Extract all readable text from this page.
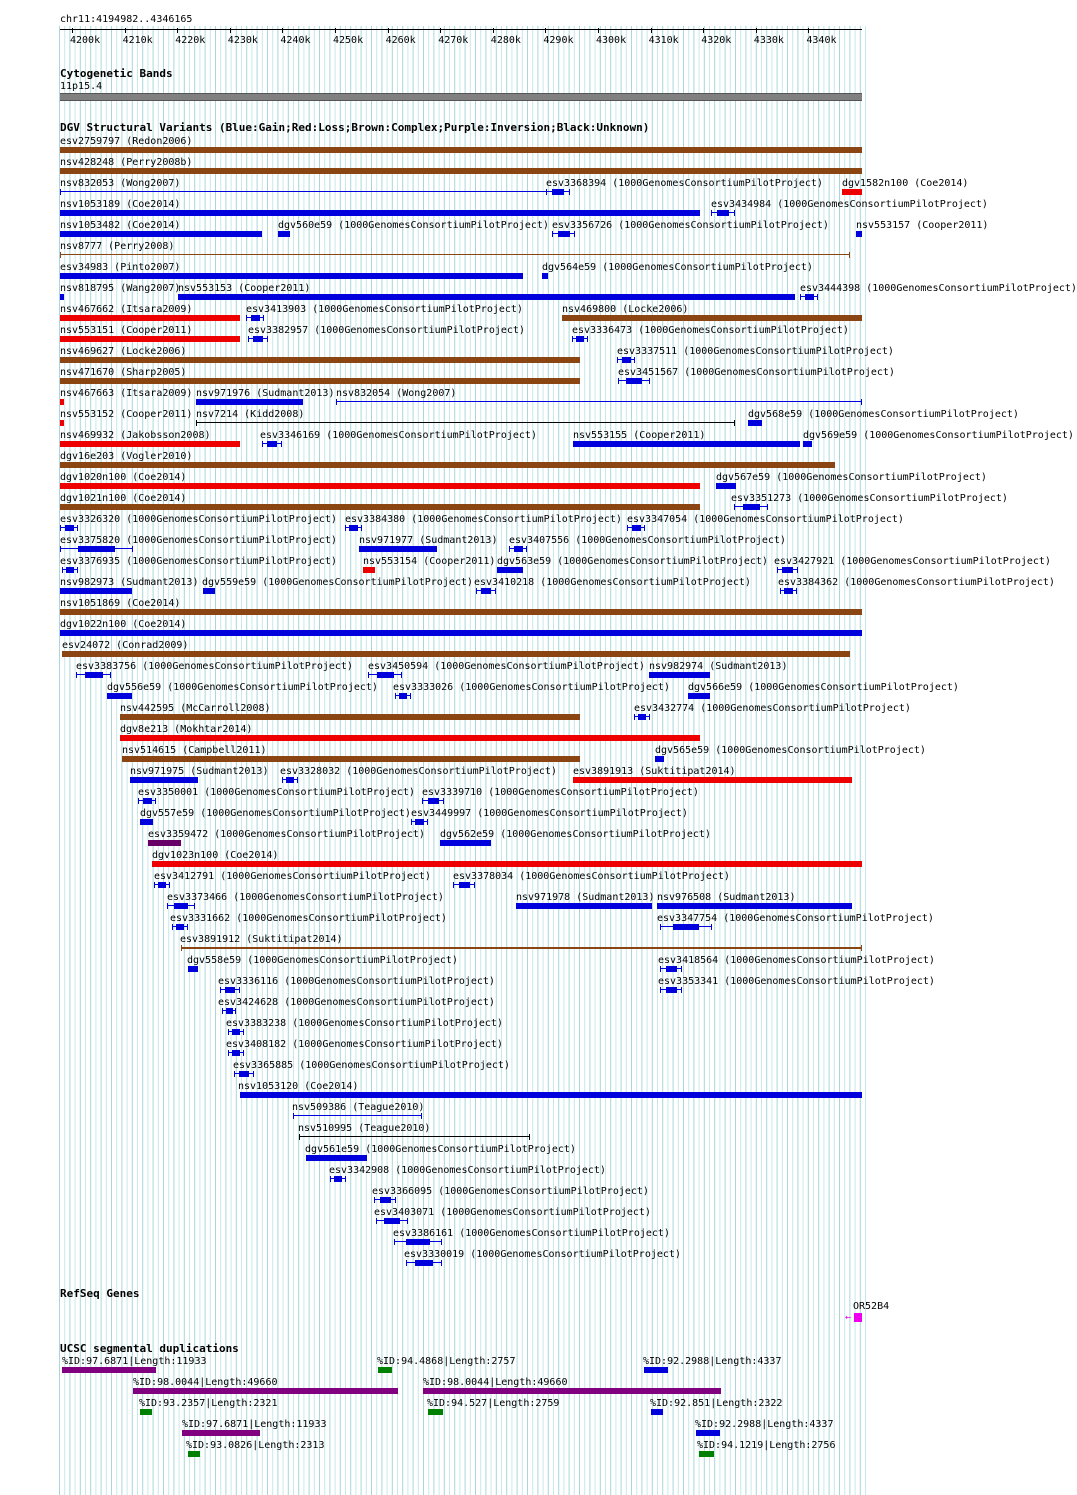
chr11:4194982..4346165
4200k 4210k 4220k 4230k 4240k 4250k 4260k 4270k 4280k 4290k 4300k 4310k 4320k 4330k 4340k
Cytogenetic Bands
11p15.4
DGV Structural Variants (Blue:Gain;Red:Loss;Brown:Complex;Purple:Inversion;Black:Unknown)
esv2759797 (Redon2006)
nsv428248 (Perry2008b)
nsv832053 (Wong2007)	esv3368394 (1000GenomesConsortiumPilotProject) dgv1582n100 (Coe2014)
nsv1053189 (Coe2014)	esv3434984 (1000GenomesConsortiumPilotProject)
nsv1053482 (Coe2014)	dgv560e59 (1000GenomesConsortiumPilotProject) esv3356726 (1000GenomesConsortiumPilotProject)	nsv553157 (Cooper2011)
nsv8777 (Perry2008)
esv34983 (Pinto2007)	dgv564e59 (1000GenomesConsortiumPilotProject)
nsv818795 (Wang2007)
nsv553153 (Cooper2011)	esv3444398 (1000GenomesConsortiumPilotProject)
nsv467662 (Itsara2009)	esv3413903 (1000GenomesConsortiumPilotProject)	nsv469800 (Locke2006)
nsv553151 (Cooper2011)	esv3382957 (1000GenomesConsortiumPilotProject)	esv3336473 (1000GenomesConsortiumPilotProject)
nsv469627 (Locke2006)	esv3337511 (1000GenomesConsortiumPilotProject)
nsv471670 (Sharp2005)	esv3451567 (1000GenomesConsortiumPilotProject)
nsv467663 (Itsara2009) nsv971976 (Sudmant2013) nsv832054 (Wong2007)
nsv553152 (Cooper2011) nsv7214 (Kidd2008)	dgv568e59 (1000GenomesConsortiumPilotProject)
nsv469932 (Jakobsson2008)	esv3346169 (1000GenomesConsortiumPilotProject)	nsv553155 (Cooper2011)	dgv569e59 (1000GenomesConsortiumPilotProject)
dgv16e203 (Vogler2010)
dgv1020n100 (Coe2014)	dgv567e59 (1000GenomesConsortiumPilotProject)
dgv1021n100 (Coe2014)	esv3351273 (1000GenomesConsortiumPilotProject)
esv3326320 (1000GenomesConsortiumPilotProject) esv3384380 (1000GenomesConsortiumPilotProject) esv3347054 (1000GenomesConsortiumPilotProject)
esv3375820 (1000GenomesConsortiumPilotProject) nsv971977 (Sudmant2013) esv3407556 (1000GenomesConsortiumPilotProject)
esv3376935 (1000GenomesConsortiumPilotProject)	nsv553154 (Cooper2011) dgv563e59 (1000GenomesConsortiumPilotProject) esv3427921 (1000GenomesConsortiumPilotProject)
nsv982973 (Sudmant2013) dgv559e59 (1000GenomesConsortiumPilotProject) esv3410218 (1000GenomesConsortiumPilotProject)	esv3384362 (1000GenomesConsortiumPilotProject)
nsv1051869 (Coe2014)
dgv1022n100 (Coe2014)
esv24072 (Conrad2009)
esv3383756 (1000GenomesConsortiumPilotProject) esv3450594 (1000GenomesConsortiumPilotProject) nsv982974 (Sudmant2013)
dgv556e59 (1000GenomesConsortiumPilotProject) esv3333026 (1000GenomesConsortiumPilotProject) dgv566e59 (1000GenomesConsortiumPilotProject)
nsv442595 (McCarroll2008)	esv3432774 (1000GenomesConsortiumPilotProject)
dgv8e213 (Mokhtar2014)
nsv514615 (Campbell2011)	dgv565e59 (1000GenomesConsortiumPilotProject)
nsv971975 (Sudmant2013) esv3328032 (1000GenomesConsortiumPilotProject) esv3891913 (Suktitipat2014)
esv3350001 (1000GenomesConsortiumPilotProject) esv3339710 (1000GenomesConsortiumPilotProject)
dgv557e59 (1000GenomesConsortiumPilotProject) esv3449997 (1000GenomesConsortiumPilotProject)
esv3359472 (1000GenomesConsortiumPilotProject) dgv562e59 (1000GenomesConsortiumPilotProject)
dgv1023n100 (Coe2014)
esv3412791 (1000GenomesConsortiumPilotProject) esv3378034 (1000GenomesConsortiumPilotProject)
esv3373466 (1000GenomesConsortiumPilotProject)	nsv971978 (Sudmant2013) nsv976508 (Sudmant2013)
esv3331662 (1000GenomesConsortiumPilotProject)	esv3347754 (1000GenomesConsortiumPilotProject)
esv3891912 (Suktitipat2014)
dgv558e59 (1000GenomesConsortiumPilotProject)	esv3418564 (1000GenomesConsortiumPilotProject)
esv3336116 (1000GenomesConsortiumPilotProject)	esv3353341 (1000GenomesConsortiumPilotProject)
esv3424628 (1000GenomesConsortiumPilotProject)
esv3383238 (1000GenomesConsortiumPilotProject)
esv3408182 (1000GenomesConsortiumPilotProject)
esv3365885 (1000GenomesConsortiumPilotProject)
nsv1053120 (Coe2014)
nsv509386 (Teague2010)
nsv510995 (Teague2010)
dgv561e59 (1000GenomesConsortiumPilotProject)
esv3342908 (1000GenomesConsortiumPilotProject)
esv3366095 (1000GenomesConsortiumPilotProject)
esv3403071 (1000GenomesConsortiumPilotProject)
esv3386161 (1000GenomesConsortiumPilotProject)
esv3330019 (1000GenomesConsortiumPilotProject)
RefSeq Genes
OR52B4
←
UCSC segmental duplications
%ID:97.6871|Length:11933	%ID:94.4868|Length:2757	%ID:92.2988|Length:4337
%ID:98.0044|Length:49660	%ID:98.0044|Length:49660
%ID:93.2357|Length:2321	%ID:94.527|Length:2759	%ID:92.851|Length:2322
%ID:97.6871|Length:11933	%ID:92.2988|Length:4337
%ID:93.0826|Length:2313	%ID:94.1219|Length:2756
